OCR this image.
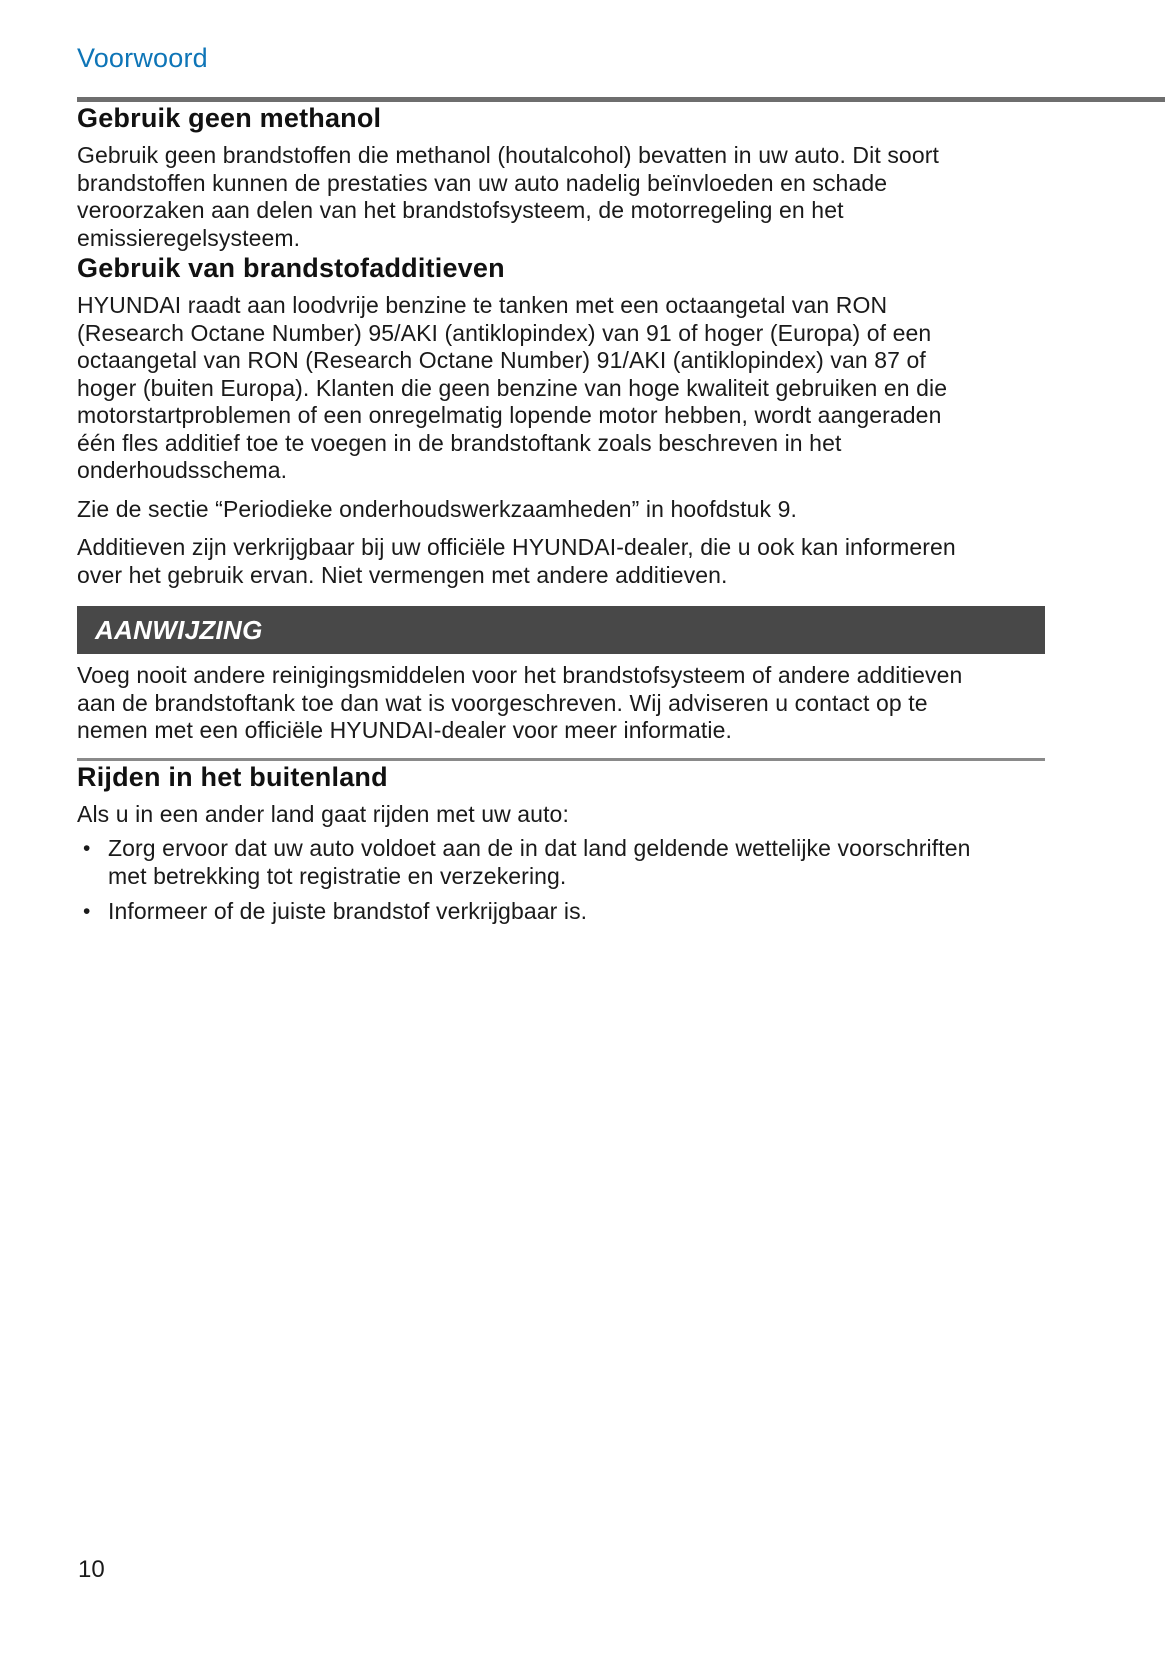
Voorwoord
Gebruik geen methanol

Gebruik geen brandstoffen die methanol (houtalcohol) bevatten in uw auto. Dit soort brandstoffen kunnen de prestaties van uw auto nadelig beïnvloeden en schade veroorzaken aan delen van het brandstofsysteem, de motorregeling en het emissieregelsysteem.

Gebruik van brandstofadditieven

HYUNDAI raadt aan loodvrije benzine te tanken met een octaangetal van RON (Research Octane Number) 95/AKI (antiklopindex) van 91 of hoger (Europa) of een octaangetal van RON (Research Octane Number) 91/AKI (antiklopindex) van 87 of hoger (buiten Europa). Klanten die geen benzine van hoge kwaliteit gebruiken en die motorstartproblemen of een onregelmatig lopende motor hebben, wordt aangeraden één fles additief toe te voegen in de brandstoftank zoals beschreven in het onderhoudsschema.

Zie de sectie “Periodieke onderhoudswerkzaamheden” in hoofdstuk 9.

Additieven zijn verkrijgbaar bij uw officiële HYUNDAI-dealer, die u ook kan informeren over het gebruik ervan. Niet vermengen met andere additieven.

AANWIJZING

Voeg nooit andere reinigingsmiddelen voor het brandstofsysteem of andere additieven aan de brandstoftank toe dan wat is voorgeschreven. Wij adviseren u contact op te nemen met een officiële HYUNDAI-dealer voor meer informatie.

Rijden in het buitenland

Als u in een ander land gaat rijden met uw auto:

• Zorg ervoor dat uw auto voldoet aan de in dat land geldende wettelijke voorschriften met betrekking tot registratie en verzekering.
• Informeer of de juiste brandstof verkrijgbaar is.
10
